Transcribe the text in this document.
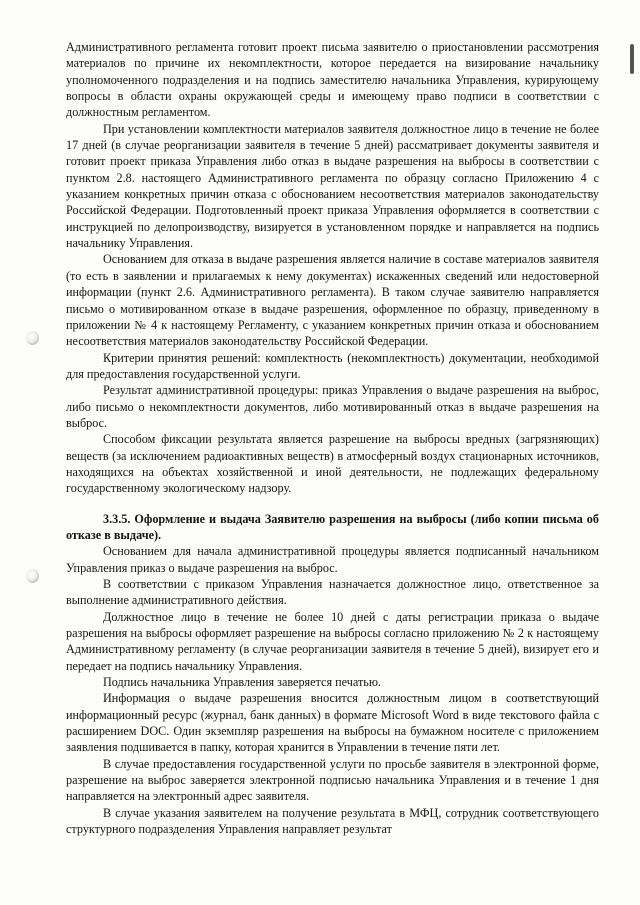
Административного регламента готовит проект письма заявителю о приостановлении рассмотрения материалов по причине их некомплектности, которое передается на визирование начальнику уполномоченного подразделения и на подпись заместителю начальника Управления, курирующему вопросы в области охраны окружающей среды и имеющему право подписи в соответствии с должностным регламентом.

При установлении комплектности материалов заявителя должностное лицо в течение не более 17 дней (в случае реорганизации заявителя в течение 5 дней) рассматривает документы заявителя и готовит проект приказа Управления либо отказ в выдаче разрешения на выбросы в соответствии с пунктом 2.8. настоящего Административного регламента по образцу согласно Приложению 4 с указанием конкретных причин отказа с обоснованием несоответствия материалов законодательству Российской Федерации. Подготовленный проект приказа Управления оформляется в соответствии с инструкцией по делопроизводству, визируется в установленном порядке и направляется на подпись начальнику Управления.

Основанием для отказа в выдаче разрешения является наличие в составе материалов заявителя (то есть в заявлении и прилагаемых к нему документах) искаженных сведений или недостоверной информации (пункт 2.6. Административного регламента). В таком случае заявителю направляется письмо о мотивированном отказе в выдаче разрешения, оформленное по образцу, приведенному в приложении № 4 к настоящему Регламенту, с указанием конкретных причин отказа и обоснованием несоответствия материалов законодательству Российской Федерации.

Критерии принятия решений: комплектность (некомплектность) документации, необходимой для предоставления государственной услуги.

Результат административной процедуры: приказ Управления о выдаче разрешения на выброс, либо письмо о некомплектности документов, либо мотивированный отказ в выдаче разрешения на выброс.

Способом фиксации результата является разрешение на выбросы вредных (загрязняющих) веществ (за исключением радиоактивных веществ) в атмосферный воздух стационарных источников, находящихся на объектах хозяйственной и иной деятельности, не подлежащих федеральному государственному экологическому надзору.

3.3.5. Оформление и выдача Заявителю разрешения на выбросы (либо копии письма об отказе в выдаче).

Основанием для начала административной процедуры является подписанный начальником Управления приказ о выдаче разрешения на выброс.

В соответствии с приказом Управления назначается должностное лицо, ответственное за выполнение административного действия.

Должностное лицо в течение не более 10 дней с даты регистрации приказа о выдаче разрешения на выбросы оформляет разрешение на выбросы согласно приложению № 2 к настоящему Административному регламенту (в случае реорганизации заявителя в течение 5 дней), визирует его и передает на подпись начальнику Управления.

Подпись начальника Управления заверяется печатью.

Информация о выдаче разрешения вносится должностным лицом в соответствующий информационный ресурс (журнал, банк данных) в формате Microsoft Word в виде текстового файла с расширением DOC. Один экземпляр разрешения на выбросы на бумажном носителе с приложением заявления подшивается в папку, которая хранится в Управлении в течение пяти лет.

В случае предоставления государственной услуги по просьбе заявителя в электронной форме, разрешение на выброс заверяется электронной подписью начальника Управления и в течение 1 дня направляется на электронный адрес заявителя.

В случае указания заявителем на получение результата в МФЦ, сотрудник соответствующего структурного подразделения Управления направляет результат
